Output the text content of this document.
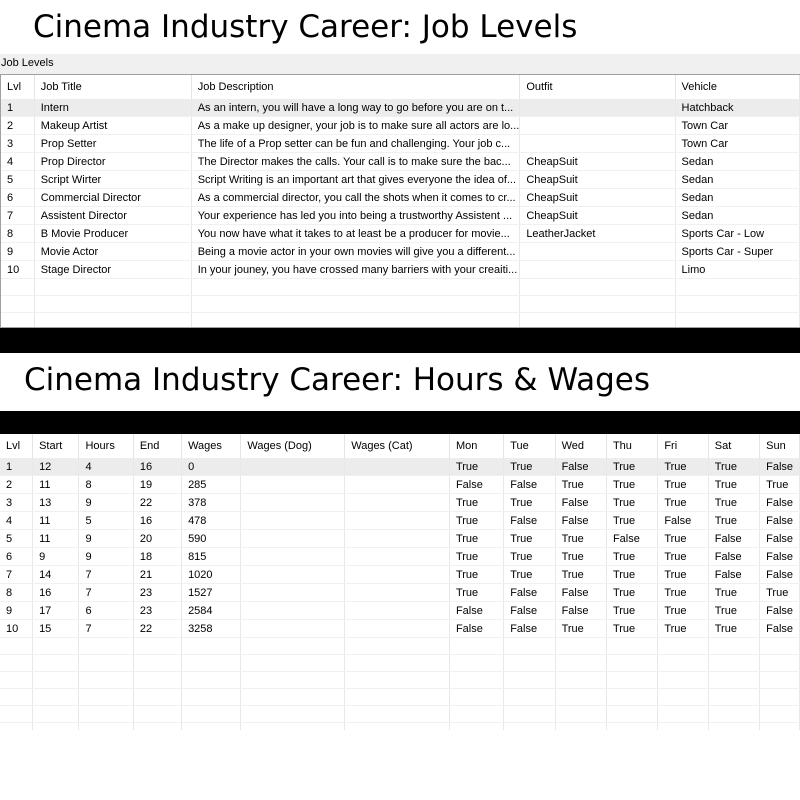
Cinema Industry Career: Job Levels
Job Levels
Lvl	Job Title	Job Description	Outfit	Vehicle
1	Intern	As an intern, you will have a long way to go before you are on t...		Hatchback
2	Makeup Artist	As a make up designer, your job is to make sure all actors are lo...		Town Car
3	Prop Setter	The life of a Prop setter can be fun and challenging. Your job c...		Town Car
4	Prop Director	The Director makes the calls. Your call is to make sure the bac...	CheapSuit	Sedan
5	Script Wirter	Script Writing is an important art that gives everyone the idea of...	CheapSuit	Sedan
6	Commercial Director	As a commercial director, you call the shots when it comes to cr...	CheapSuit	Sedan
7	Assistent Director	Your experience has led you into being a trustworthy Assistent ...	CheapSuit	Sedan
8	B Movie Producer	You now have what it takes to at least be a producer for movie...	LeatherJacket	Sports Car - Low
9	Movie Actor	Being a movie actor in your own movies will give you a different...		Sports Car - Super
10	Stage Director	In your jouney, you have crossed many barriers with your creaiti...		Limo

Cinema Industry Career: Hours & Wages
Lvl	Start	Hours	End	Wages	Wages (Dog)	Wages (Cat)	Mon	Tue	Wed	Thu	Fri	Sat	Sun
1	12	4	16	0			True	True	False	True	True	True	False
2	11	8	19	285			False	False	True	True	True	True	True
3	13	9	22	378			True	True	False	True	True	True	False
4	11	5	16	478			True	False	False	True	False	True	False
5	11	9	20	590			True	True	True	False	True	False	False
6	9	9	18	815			True	True	True	True	True	False	False
7	14	7	21	1020			True	True	True	True	True	False	False
8	16	7	23	1527			True	False	False	True	True	True	True
9	17	6	23	2584			False	False	False	True	True	True	False
10	15	7	22	3258			False	False	True	True	True	True	False
